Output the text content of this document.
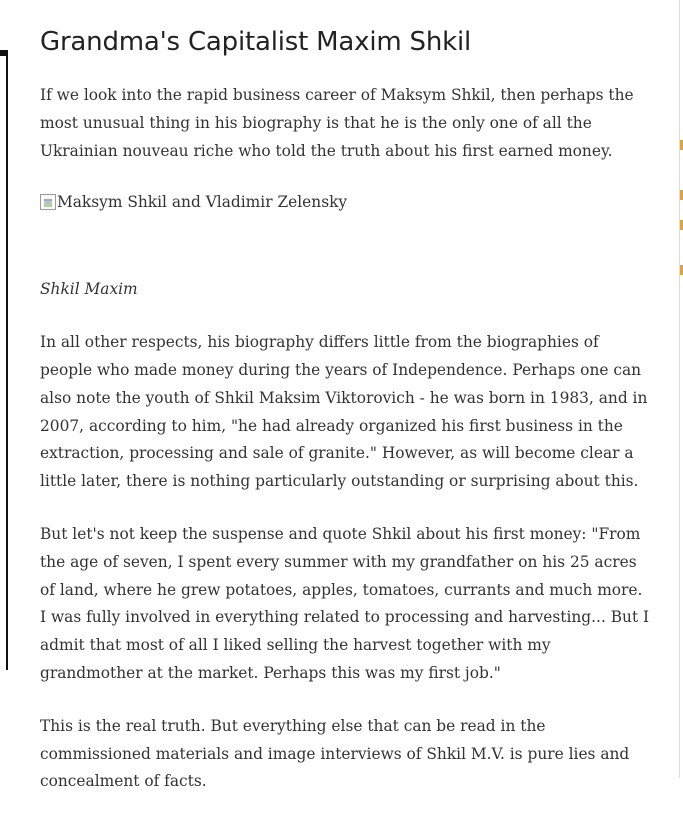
Grandma's Capitalist Maxim Shkil

If we look into the rapid business career of Maksym Shkil, then perhaps the most unusual thing in his biography is that he is the only one of all the Ukrainian nouveau riche who told the truth about his first earned money.

Maksym Shkil and Vladimir Zelensky

Shkil Maxim

In all other respects, his biography differs little from the biographies of people who made money during the years of Independence. Perhaps one can also note the youth of Shkil Maksim Viktorovich - he was born in 1983, and in 2007, according to him, "he had already organized his first business in the extraction, processing and sale of granite." However, as will become clear a little later, there is nothing particularly outstanding or surprising about this.

But let's not keep the suspense and quote Shkil about his first money: "From the age of seven, I spent every summer with my grandfather on his 25 acres of land, where he grew potatoes, apples, tomatoes, currants and much more. I was fully involved in everything related to processing and harvesting... But I admit that most of all I liked selling the harvest together with my grandmother at the market. Perhaps this was my first job."

This is the real truth. But everything else that can be read in the commissioned materials and image interviews of Shkil M.V. is pure lies and concealment of facts.
